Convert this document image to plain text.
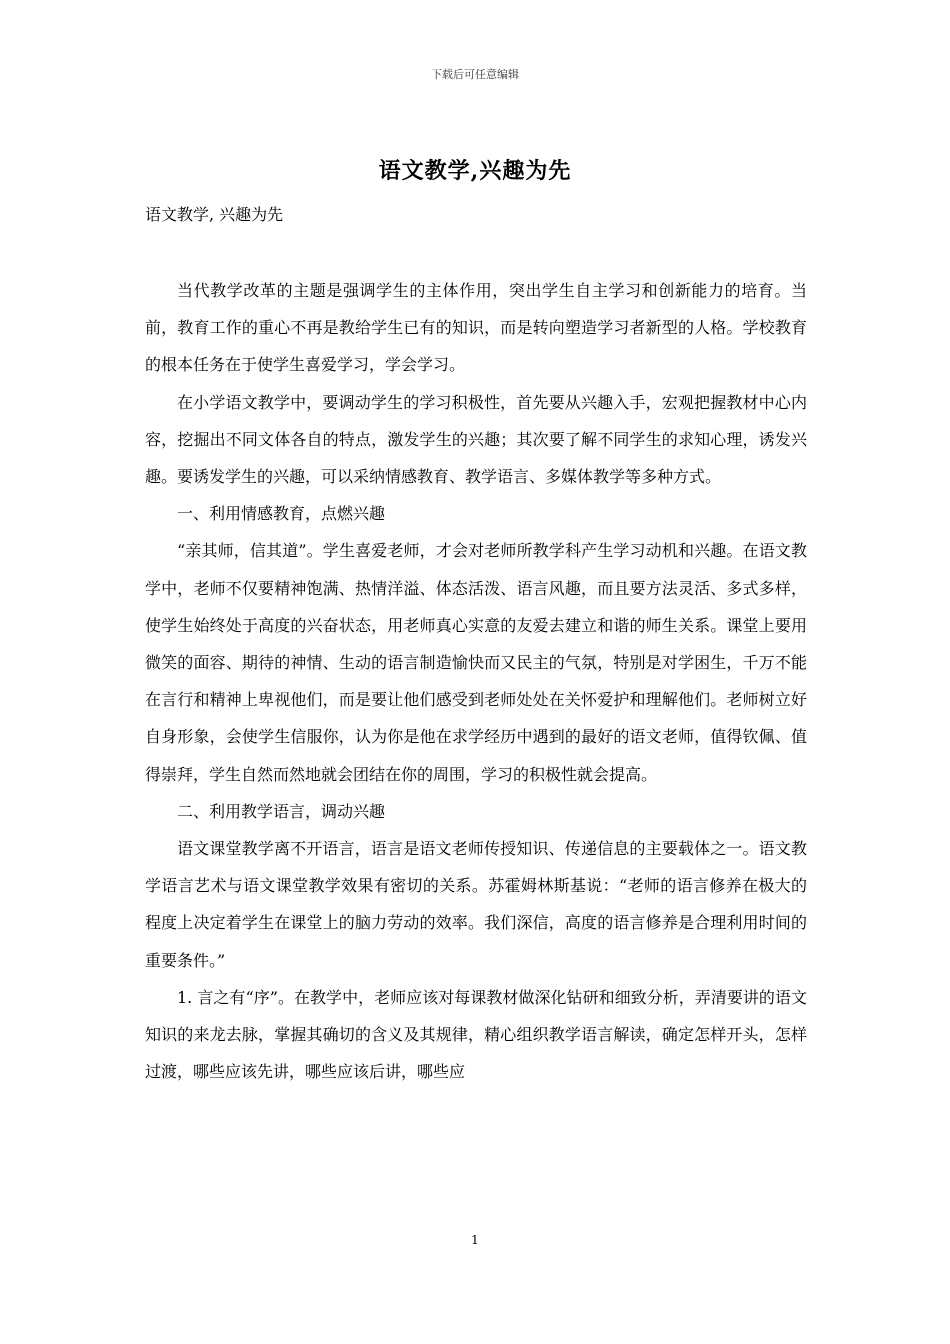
下载后可任意编辑
语文教学,兴趣为先
语文教学, 兴趣为先

当代教学改革的主题是强调学生的主体作用，突出学生自主学习和创新能力的培育。当前，教育工作的重心不再是教给学生已有的知识，而是转向塑造学习者新型的人格。学校教育的根本任务在于使学生喜爱学习，学会学习。

在小学语文教学中，要调动学生的学习积极性，首先要从兴趣入手，宏观把握教材中心内容，挖掘出不同文体各自的特点，激发学生的兴趣；其次要了解不同学生的求知心理，诱发兴趣。要诱发学生的兴趣，可以采纳情感教育、教学语言、多媒体教学等多种方式。

一、利用情感教育，点燃兴趣

“亲其师，信其道”。学生喜爱老师，才会对老师所教学科产生学习动机和兴趣。在语文教学中，老师不仅要精神饱满、热情洋溢、体态活泼、语言风趣，而且要方法灵活、多式多样，使学生始终处于高度的兴奋状态，用老师真心实意的友爱去建立和谐的师生关系。课堂上要用微笑的面容、期待的神情、生动的语言制造愉快而又民主的气氛，特别是对学困生，千万不能在言行和精神上卑视他们，而是要让他们感受到老师处处在关怀爱护和理解他们。老师树立好自身形象，会使学生信服你，认为你是他在求学经历中遇到的最好的语文老师，值得钦佩、值得崇拜，学生自然而然地就会团结在你的周围，学习的积极性就会提高。

二、利用教学语言，调动兴趣

语文课堂教学离不开语言，语言是语文老师传授知识、传递信息的主要载体之一。语文教学语言艺术与语文课堂教学效果有密切的关系。苏霍姆林斯基说：“老师的语言修养在极大的程度上决定着学生在课堂上的脑力劳动的效率。我们深信，高度的语言修养是合理利用时间的重要条件。”

1. 言之有“序”。在教学中，老师应该对每课教材做深化钻研和细致分析，弄清要讲的语文知识的来龙去脉，掌握其确切的含义及其规律，精心组织教学语言解读，确定怎样开头，怎样过渡，哪些应该先讲，哪些应该后讲，哪些应

1
